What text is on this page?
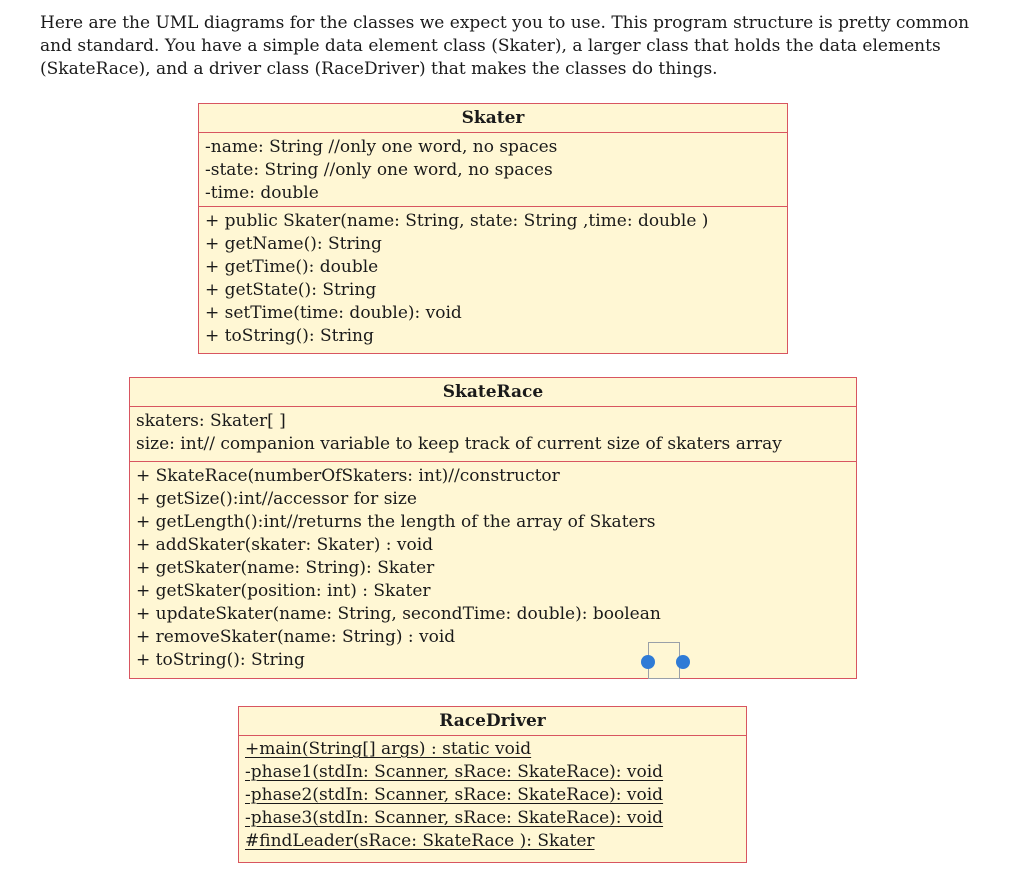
Here are the UML diagrams for the classes we expect you to use. This program structure is pretty common and standard. You have a simple data element class (Skater), a larger class that holds the data elements (SkateRace), and a driver class (RaceDriver) that makes the classes do things.

Skater
-name: String //only one word, no spaces
-state: String //only one word, no spaces
-time: double
+ public Skater(name: String, state: String ,time: double )
+ getName(): String
+ getTime(): double
+ getState(): String
+ setTime(time: double): void
+ toString(): String
SkateRace
skaters: Skater[ ]
size: int// companion variable to keep track of current size of skaters array
+ SkateRace(numberOfSkaters: int)//constructor
+ getSize():int//accessor for size
+ getLength():int//returns the length of the array of Skaters
+ addSkater(skater: Skater) : void
+ getSkater(name: String): Skater
+ getSkater(position: int) : Skater
+ updateSkater(name: String, secondTime: double): boolean
+ removeSkater(name: String) : void
+ toString(): String
RaceDriver
+main(String[] args) : static void
-phase1(stdIn: Scanner, sRace: SkateRace): void
-phase2(stdIn: Scanner, sRace: SkateRace): void
-phase3(stdIn: Scanner, sRace: SkateRace): void
#findLeader(sRace: SkateRace ): Skater
